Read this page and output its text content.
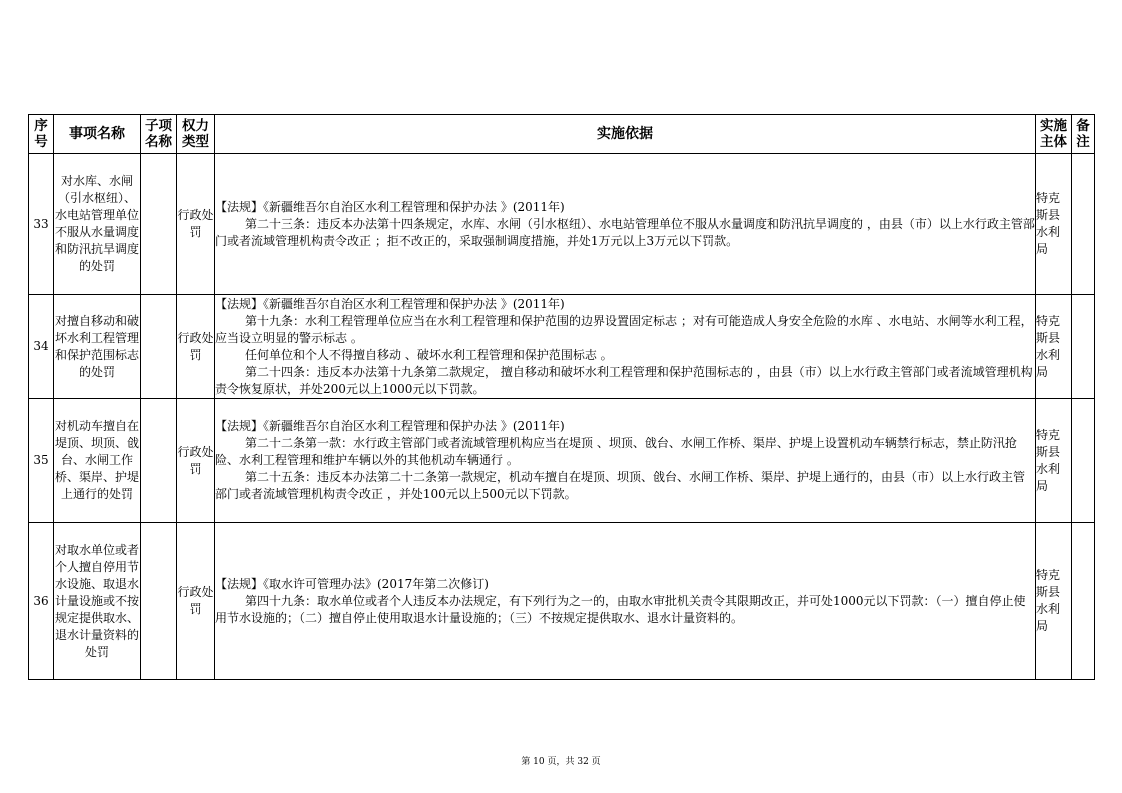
序号	事项名称	子项名称	权力类型	实施依据	实施主体	备注
33	对水库、水闸（引水枢纽）、水电站管理单位不服从水量调度和防汛抗旱调度的处罚		行政处罚	【法规】《新疆维吾尔自治区水利工程管理和保护办法 》(2011年)

第二十三条：违反本办法第十四条规定，水库、水闸（引水枢纽）、水电站管理单位不服从水量调度和防汛抗旱调度的 ，由县（市）以上水行政主管部门或者流域管理机构责令改正 ；拒不改正的，采取强制调度措施，并处1万元以上3万元以下罚款。	特克斯县水利局	
34	对擅自移动和破坏水利工程管理和保护范围标志的处罚		行政处罚	【法规】《新疆维吾尔自治区水利工程管理和保护办法 》(2011年)

第十九条：水利工程管理单位应当在水利工程管理和保护范围的边界设置固定标志 ；对有可能造成人身安全危险的水库 、水电站、水闸等水利工程，应当设立明显的警示标志 。

任何单位和个人不得擅自移动 、破坏水利工程管理和保护范围标志 。

第二十四条：违反本办法第十九条第二款规定， 擅自移动和破坏水利工程管理和保护范围标志的 ，由县（市）以上水行政主管部门或者流域管理机构责令恢复原状，并处200元以上1000元以下罚款。	特克斯县水利局	
35	对机动车擅自在堤顶、坝顶、戗台、水闸工作桥、渠岸、护堤上通行的处罚		行政处罚	【法规】《新疆维吾尔自治区水利工程管理和保护办法 》(2011年)

第二十二条第一款：水行政主管部门或者流域管理机构应当在堤顶 、坝顶、戗台、水闸工作桥、渠岸、护堤上设置机动车辆禁行标志，禁止防汛抢险、水利工程管理和维护车辆以外的其他机动车辆通行 。

第二十五条：违反本办法第二十二条第一款规定，机动车擅自在堤顶、坝顶、戗台、水闸工作桥、渠岸、护堤上通行的，由县（市）以上水行政主管部门或者流域管理机构责令改正 ，并处100元以上500元以下罚款。	特克斯县水利局	
36	对取水单位或者个人擅自停用节水设施、取退水计量设施或不按规定提供取水、退水计量资料的处罚		行政处罚	【法规】《取水许可管理办法》(2017年第二次修订)

第四十九条：取水单位或者个人违反本办法规定，有下列行为之一的，由取水审批机关责令其限期改正，并可处1000元以下罚款：（一）擅自停止使用节水设施的；（二）擅自停止使用取退水计量设施的；（三）不按规定提供取水、退水计量资料的。	特克斯县水利局	
第 10 页，共 32 页
